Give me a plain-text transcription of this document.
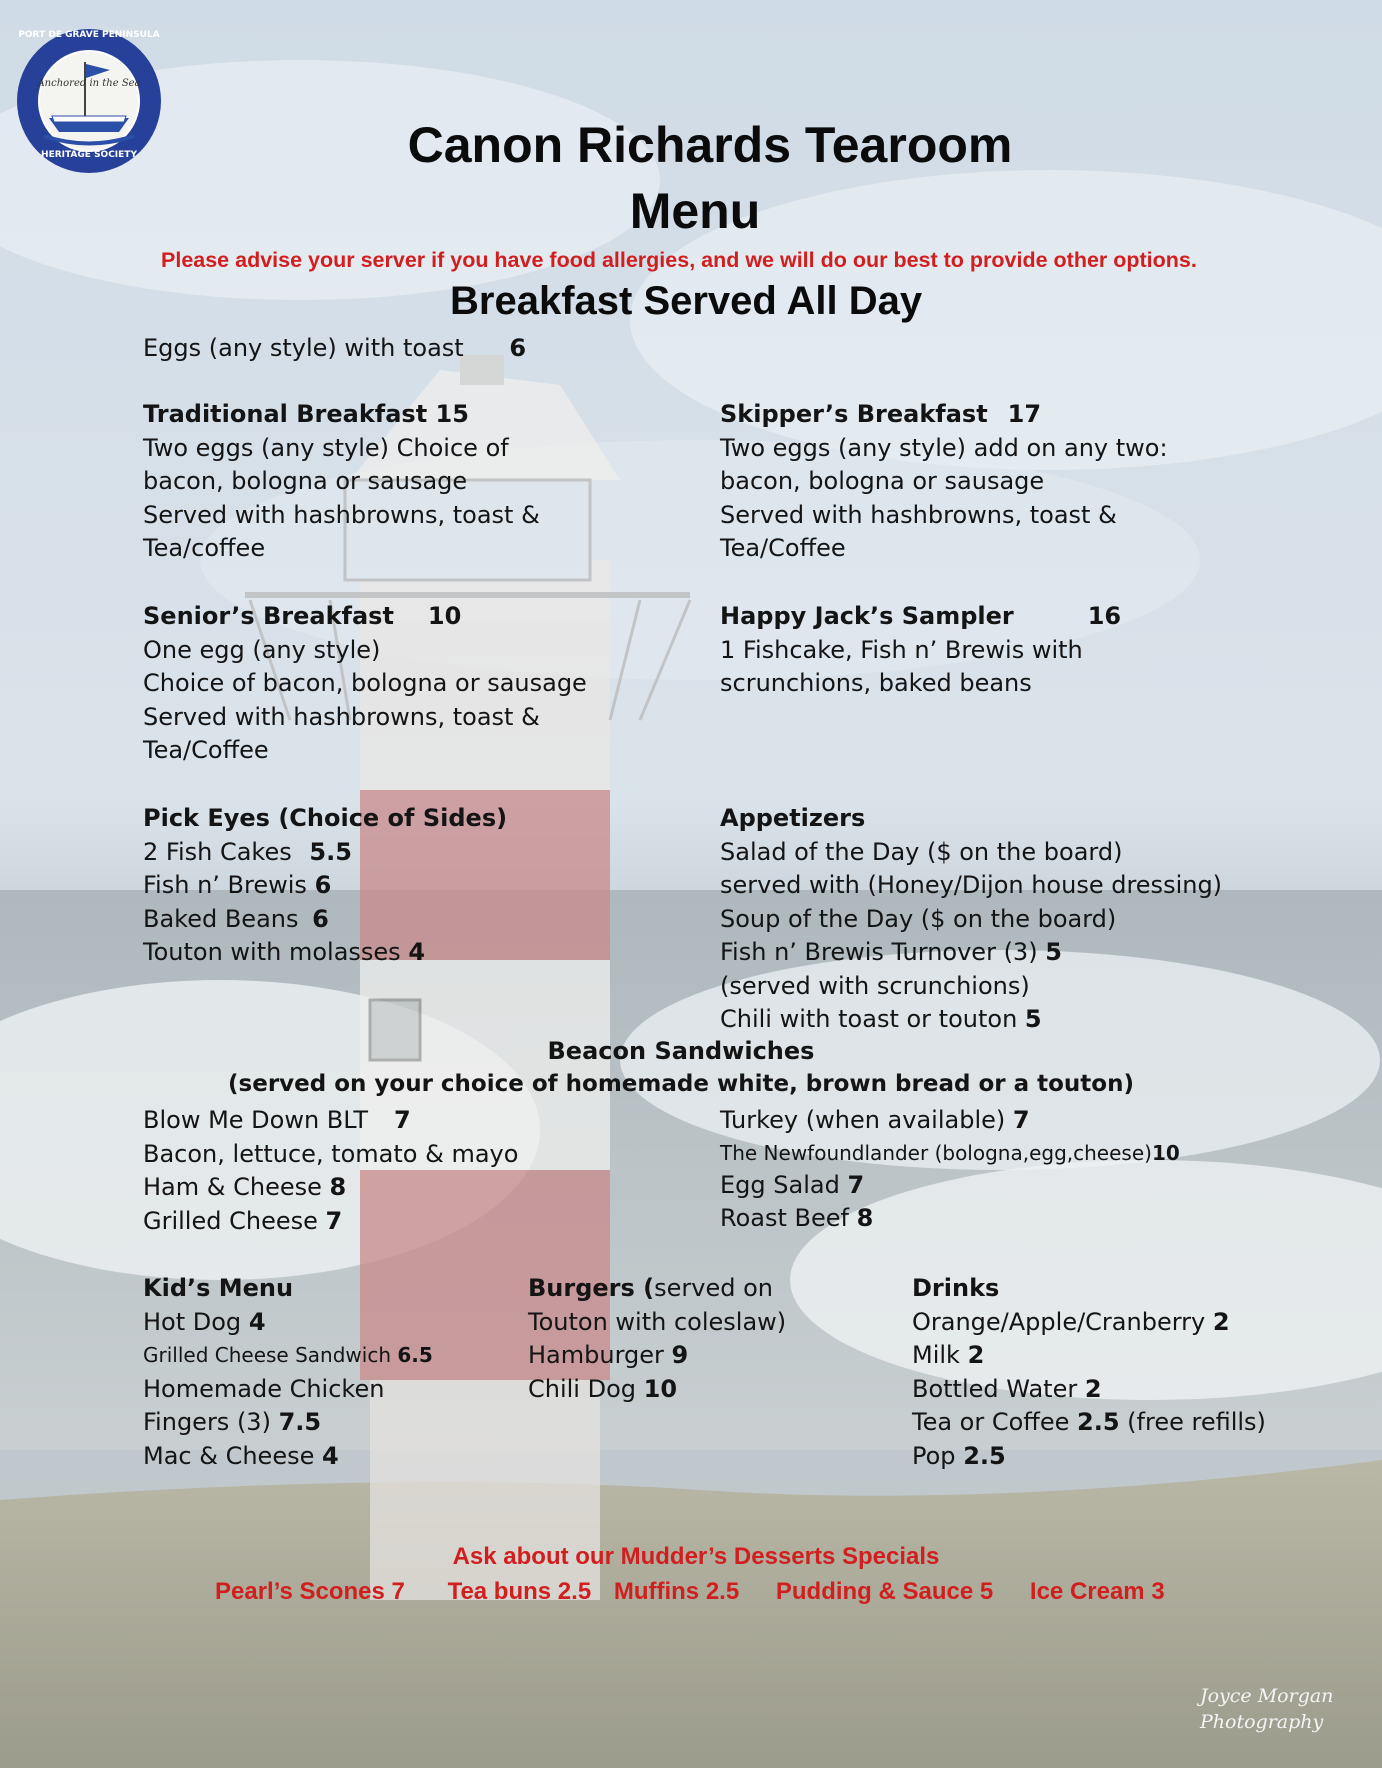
Anchored in the Sea
PORT DE GRAVE PENINSULA
HERITAGE SOCIETY	Canon Richards Tearoom
Menu
Please advise your server if you have food allergies, and we will do our best to provide other options.
Breakfast Served All Day
Eggs (any style) with toast 6
Traditional Breakfast 15
Two eggs (any style) Choice of
bacon, bologna or sausage
Served with hashbrowns, toast &
Tea/coffee
Skipper’s Breakfast 17
Two eggs (any style) add on any two:
bacon, bologna or sausage
Served with hashbrowns, toast &
Tea/Coffee
Senior’s Breakfast 10
One egg (any style)
Choice of bacon, bologna or sausage
Served with hashbrowns, toast &
Tea/Coffee
Happy Jack’s Sampler	16
1 Fishcake, Fish n’ Brewis with
scrunchions, baked beans
Pick Eyes (Choice of Sides)
2 Fish Cakes 5.5
Fish n’ Brewis 6
Baked Beans 6
Touton with molasses 4
Appetizers
Salad of the Day ($ on the board)
served with (Honey/Dijon house dressing)
Soup of the Day ($ on the board)
Fish n’ Brewis Turnover (3) 5
(served with scrunchions)
Chili with toast or touton 5
Beacon Sandwiches
(served on your choice of homemade white, brown bread or a touton)
Blow Me Down BLT 7
Bacon, lettuce, tomato & mayo
Ham & Cheese 8
Grilled Cheese 7
Turkey (when available) 7
The Newfoundlander (bologna,egg,cheese)10
Egg Salad 7
Roast Beef 8
Kid’s Menu
Hot Dog 4
Grilled Cheese Sandwich 6.5
Homemade Chicken
Fingers (3) 7.5
Mac & Cheese 4
Burgers (served on
Touton with coleslaw)
Hamburger 9
Chili Dog 10
Drinks
Orange/Apple/Cranberry 2
Milk 2
Bottled Water 2
Tea or Coffee 2.5 (free refills)
Pop 2.5
Ask about our Mudder’s Desserts Specials
Pearl’s Scones 7 Tea buns 2.5 Muffins 2.5 Pudding & Sauce 5 Ice Cream 3
Joyce Morgan
Photography
